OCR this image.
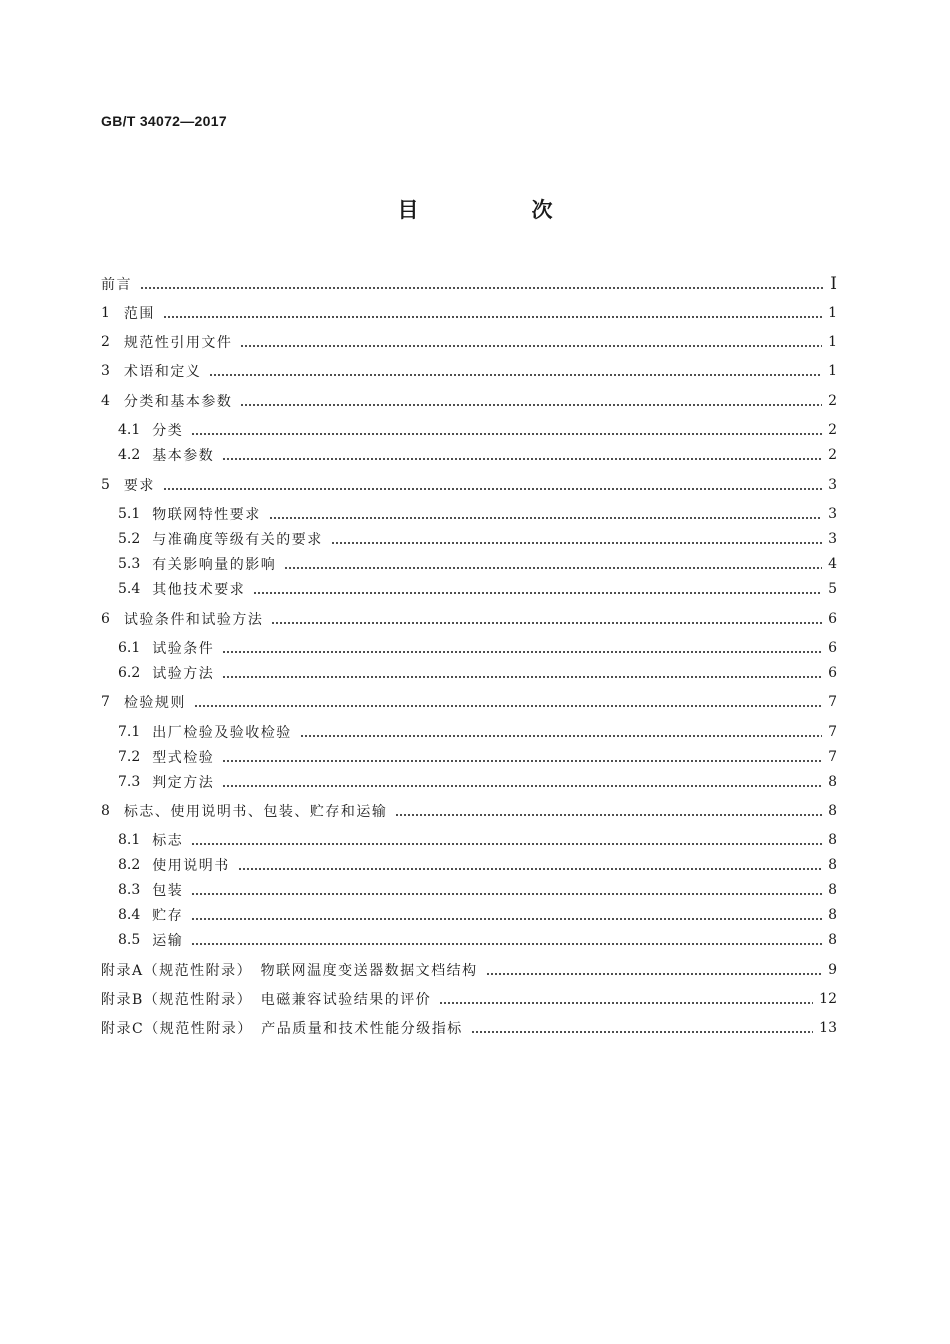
GB/T 34072—2017
目　次
前言	Ⅰ
1 范围	1
2 规范性引用文件	1
3 术语和定义	1
4 分类和基本参数	2
4.1 分类	2
4.2 基本参数	2
5 要求	3
5.1 物联网特性要求	3
5.2 与准确度等级有关的要求	3
5.3 有关影响量的影响	4
5.4 其他技术要求	5
6 试验条件和试验方法	6
6.1 试验条件	6
6.2 试验方法	6
7 检验规则	7
7.1 出厂检验及验收检验	7
7.2 型式检验	7
7.3 判定方法	8
8 标志、使用说明书、包装、贮存和运输	8
8.1 标志	8
8.2 使用说明书	8
8.3 包装	8
8.4 贮存	8
8.5 运输	8
附录A（规范性附录）　物联网温度变送器数据文档结构	9
附录B（规范性附录）　电磁兼容试验结果的评价	12
附录C（规范性附录）　产品质量和技术性能分级指标	13
